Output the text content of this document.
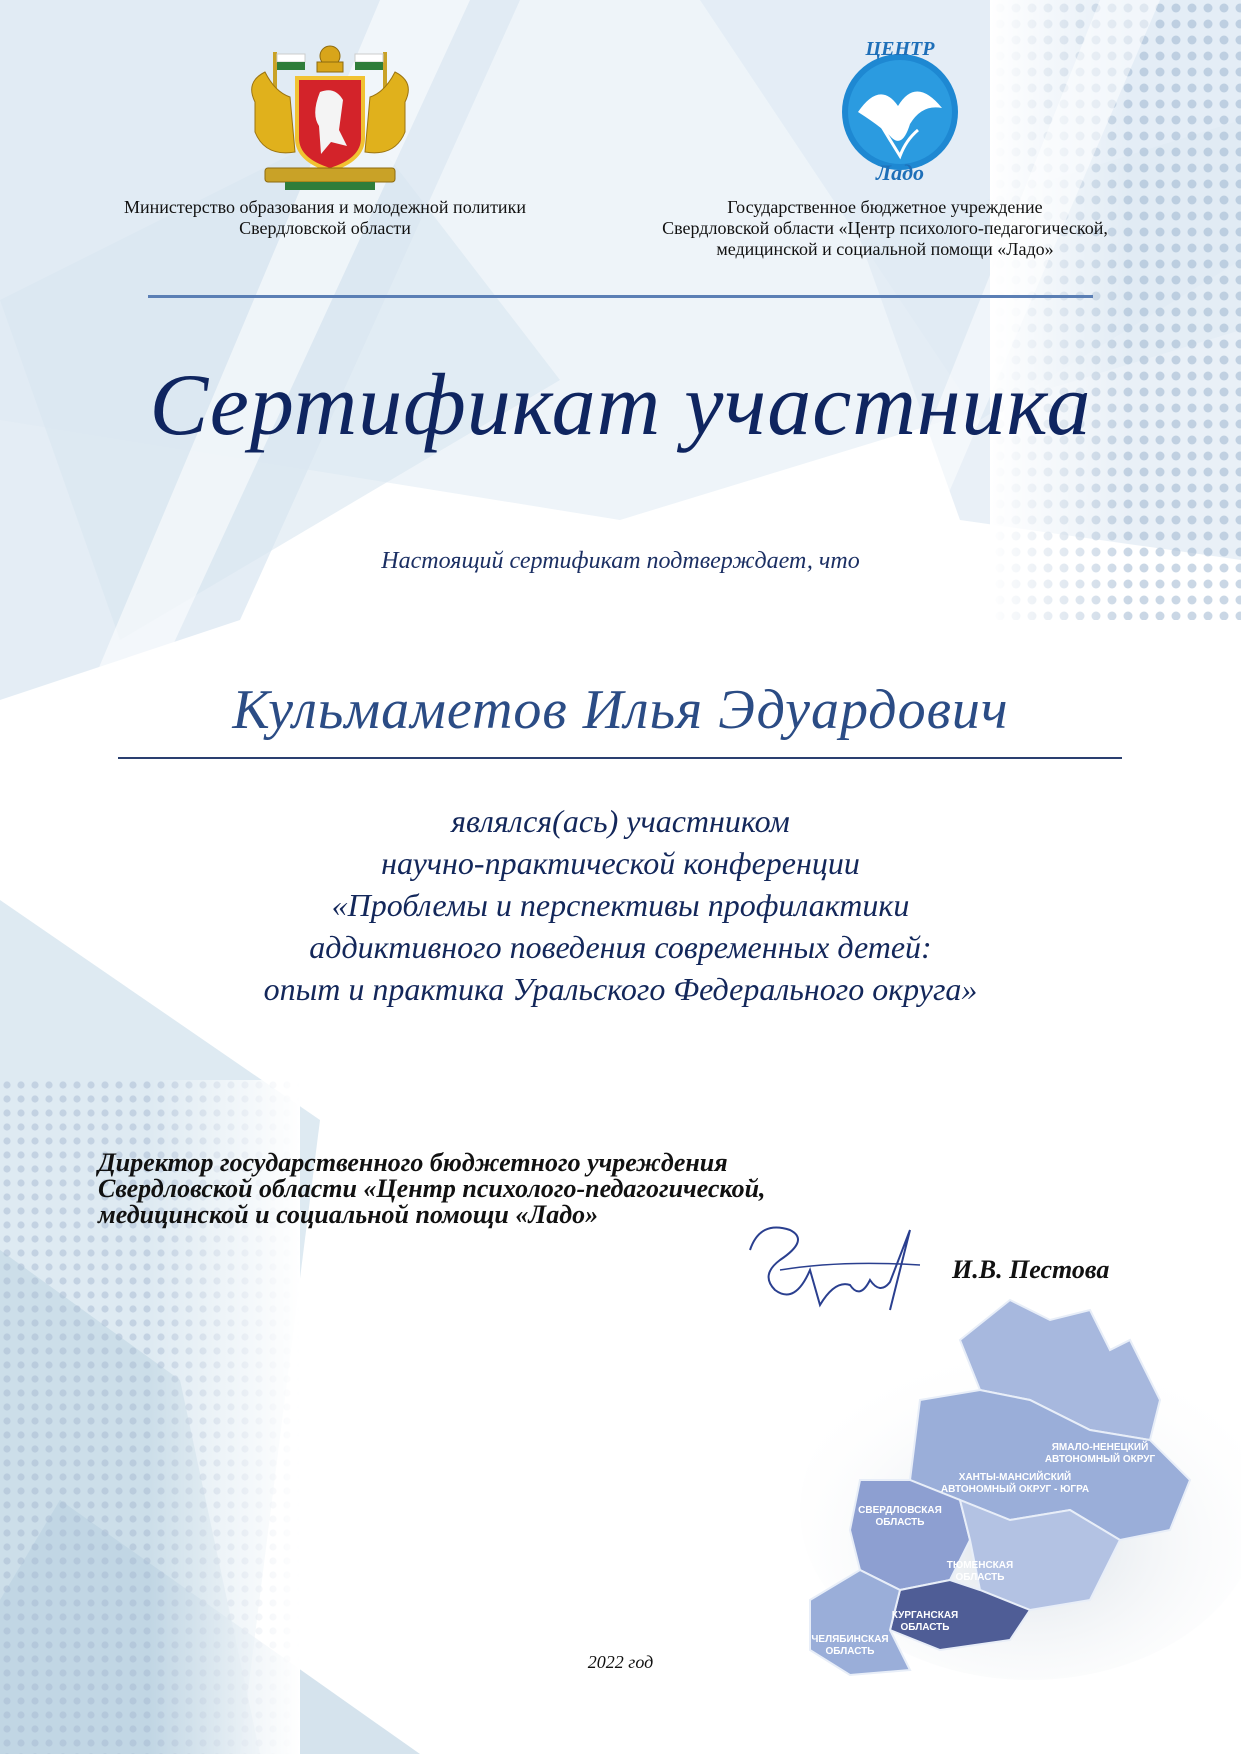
ЦЕНТР
Ладо
Министерство образования и молодежной политики
Свердловской области
Государственное бюджетное учреждение
Свердловской области «Центр психолого-педагогической,
медицинской и социальной помощи «Ладо»
Сертификат участника
Настоящий сертификат подтверждает, что
Кульмаметов Илья Эдуардович
являлся(ась) участником
научно-практической конференции
«Проблемы и перспективы профилактики
аддиктивного поведения современных детей:
опыт и практика Уральского Федерального округа»
Директор государственного бюджетного учреждения
Свердловской области «Центр психолого-педагогической,
медицинской и социальной помощи «Ладо»
ЯМАЛО-НЕНЕЦКИЙ
АВТОНОМНЫЙ ОКРУГ
ХАНТЫ-МАНСИЙСКИЙ
АВТОНОМНЫЙ ОКРУГ - ЮГРА
СВЕРДЛОВСКАЯ
ОБЛАСТЬ
ТЮМЕНСКАЯ
ОБЛАСТЬ
КУРГАНСКАЯ
ОБЛАСТЬ
ЧЕЛЯБИНСКАЯ
ОБЛАСТЬ
И.В. Пестова
2022 год
